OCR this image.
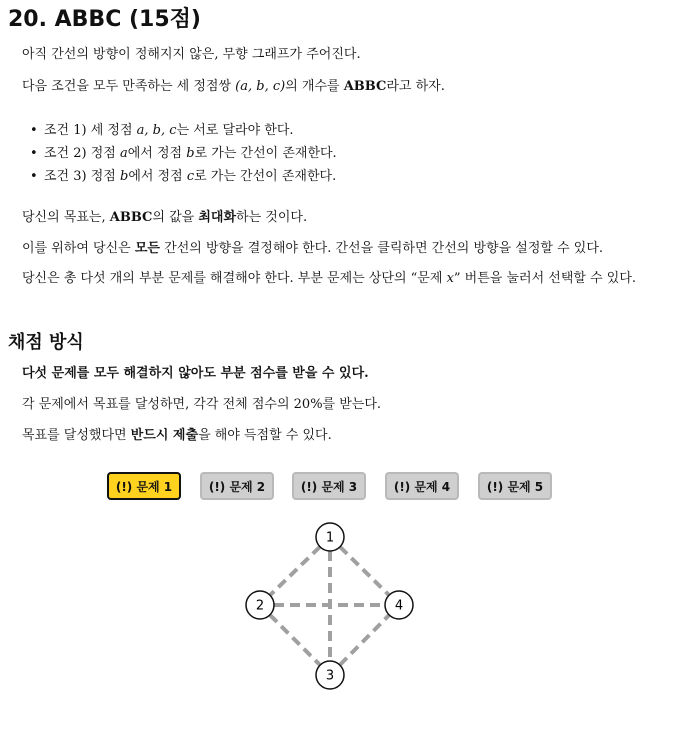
20. ABBC (15점)

아직 간선의 방향이 정해지지 않은, 무향 그래프가 주어진다.

다음 조건을 모두 만족하는 세 정점쌍 (a, b, c)의 개수를 ABBC라고 하자.

• 조건 1) 세 정점 a, b, c는 서로 달라야 한다.
• 조건 2) 정점 a에서 정점 b로 가는 간선이 존재한다.
• 조건 3) 정점 b에서 정점 c로 가는 간선이 존재한다.

당신의 목표는, ABBC의 값을 최대화하는 것이다.

이를 위하여 당신은 모든 간선의 방향을 결정해야 한다. 간선을 클릭하면 간선의 방향을 설정할 수 있다.

당신은 총 다섯 개의 부분 문제를 해결해야 한다. 부분 문제는 상단의 “문제 x” 버튼을 눌러서 선택할 수 있다.

채점 방식

다섯 문제를 모두 해결하지 않아도 부분 점수를 받을 수 있다.

각 문제에서 목표를 달성하면, 각각 전체 점수의 20%를 받는다.

목표를 달성했다면 반드시 제출을 해야 득점할 수 있다.

(!) 문제 1	(!) 문제 2	(!) 문제 3	(!) 문제 4	(!) 문제 5
1
2
3
4
